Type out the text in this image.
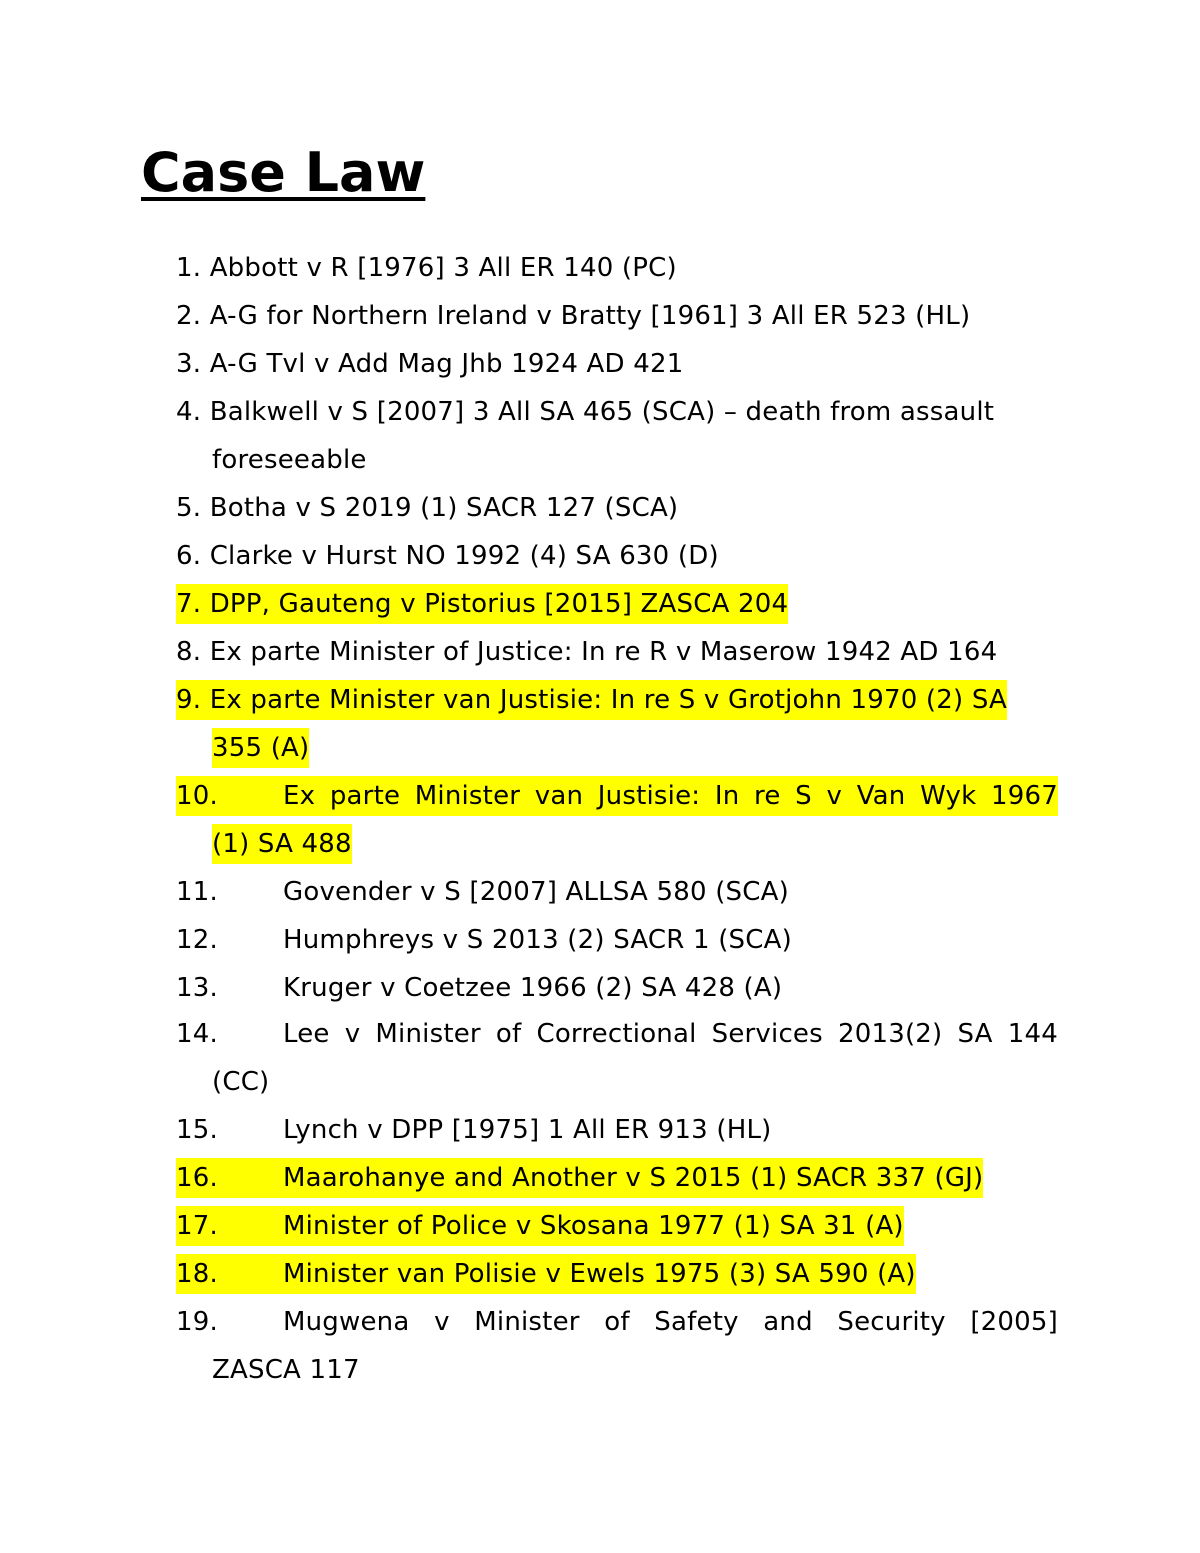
Case Law
1. Abbott v R [1976] 3 All ER 140 (PC)
2. A-G for Northern Ireland v Bratty [1961] 3 All ER 523 (HL)
3. A-G Tvl v Add Mag Jhb 1924 AD 421
4. Balkwell v S [2007] 3 All SA 465 (SCA) – death from assault
foreseeable
5. Botha v S 2019 (1) SACR 127 (SCA)
6. Clarke v Hurst NO 1992 (4) SA 630 (D)
7. DPP, Gauteng v Pistorius [2015] ZASCA 204
8. Ex parte Minister of Justice: In re R v Maserow 1942 AD 164
9. Ex parte Minister van Justisie: In re S v Grotjohn 1970 (2) SA
355 (A)
10.	Ex parte Minister van Justisie: In re S v Van Wyk 1967
(1) SA 488
11.	Govender v S [2007] ALLSA 580 (SCA)
12.	Humphreys v S 2013 (2) SACR 1 (SCA)
13.	Kruger v Coetzee 1966 (2) SA 428 (A)
14.	Lee v Minister of Correctional Services 2013(2) SA 144
(CC)
15.	Lynch v DPP [1975] 1 All ER 913 (HL)
16.	Maarohanye and Another v S 2015 (1) SACR 337 (GJ)
17.	Minister of Police v Skosana 1977 (1) SA 31 (A)
18.	Minister van Polisie v Ewels 1975 (3) SA 590 (A)
19.	Mugwena v Minister of Safety and Security [2005]
ZASCA 117
